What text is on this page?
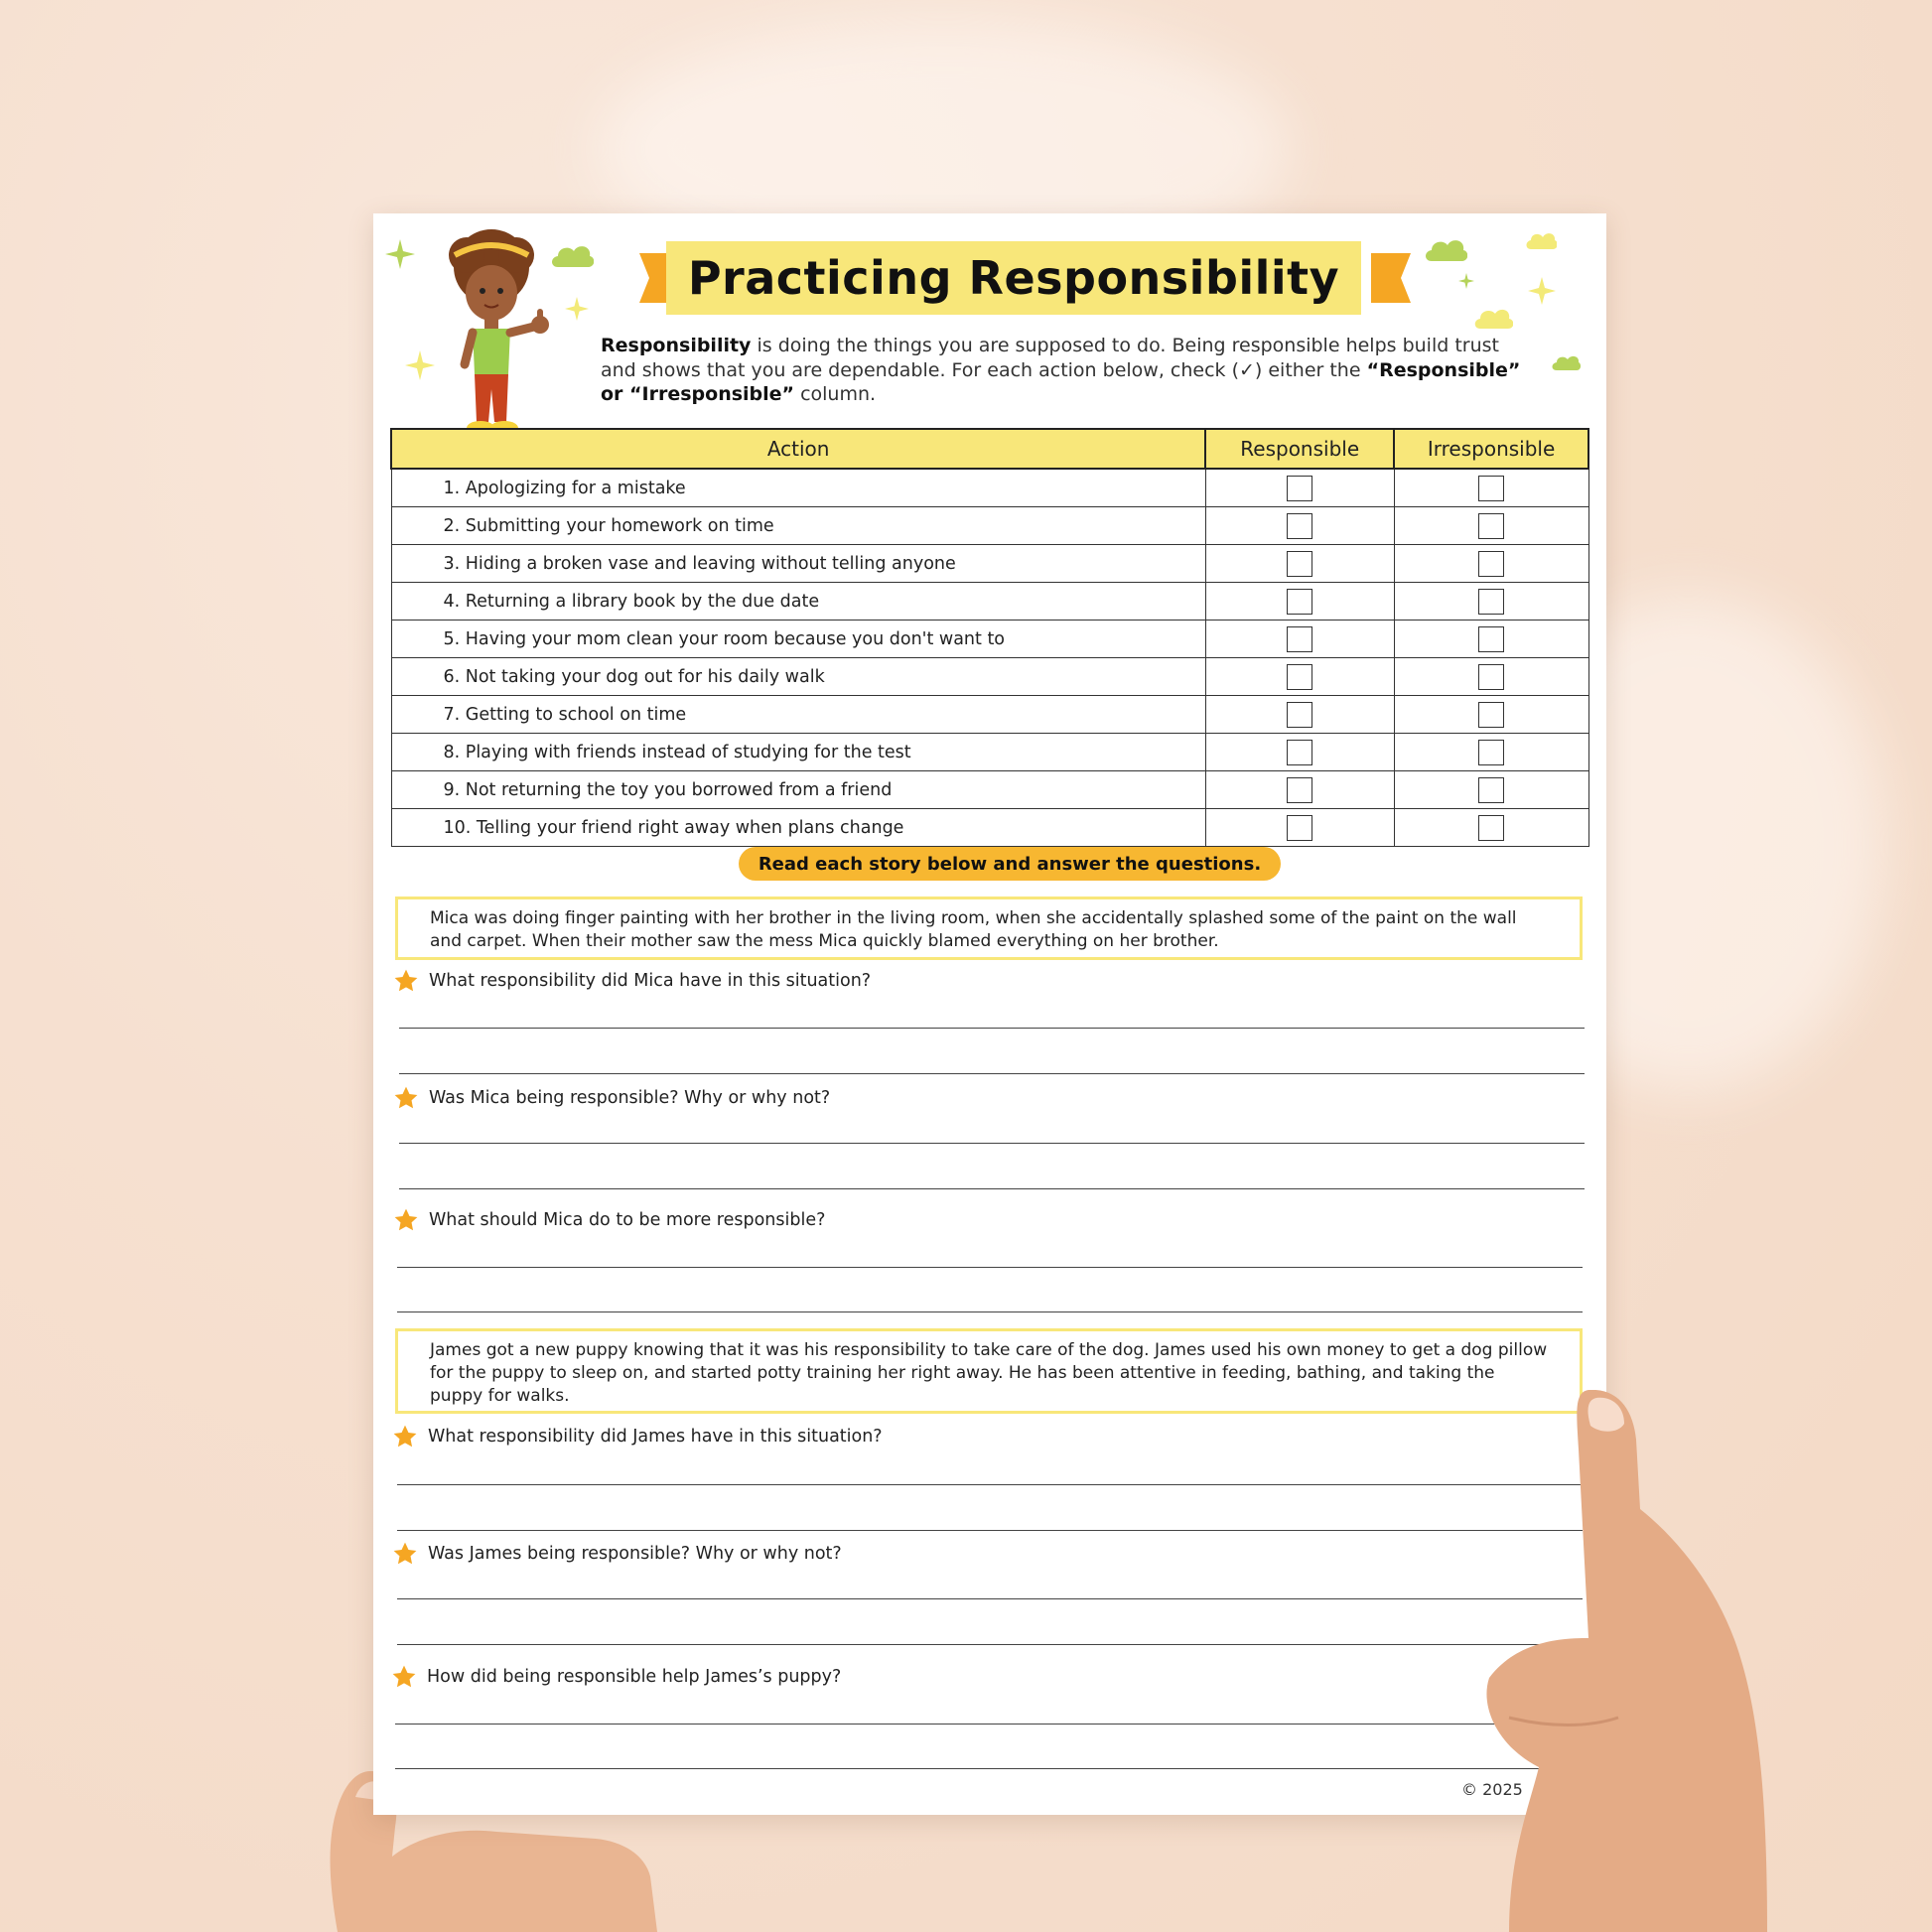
Practicing Responsibility
Responsibility is doing the things you are supposed to do. Being responsible helps build trust and shows that you are dependable. For each action below, check (✓) either the “Responsible” or “Irresponsible” column.
Action	Responsible	Irresponsible
1. Apologizing for a mistake		
2. Submitting your homework on time		
3. Hiding a broken vase and leaving without telling anyone		
4. Returning a library book by the due date		
5. Having your mom clean your room because you don't want to		
6. Not taking your dog out for his daily walk		
7. Getting to school on time		
8. Playing with friends instead of studying for the test		
9. Not returning the toy you borrowed from a friend		
10. Telling your friend right away when plans change		
Read each story below and answer the questions.
Mica was doing finger painting with her brother in the living room, when she accidentally splashed some of the paint on the wall and carpet. When their mother saw the mess Mica quickly blamed everything on her brother.
What responsibility did Mica have in this situation?
Was Mica being responsible? Why or why not?
What should Mica do to be more responsible?
James got a new puppy knowing that it was his responsibility to take care of the dog. James used his own money to get a dog pillow for the puppy to sleep on, and started potty training her right away. He has been attentive in feeding, bathing, and taking the puppy for walks.
What responsibility did James have in this situation?
Was James being responsible? Why or why not?
How did being responsible help James’s puppy?
© 2025
